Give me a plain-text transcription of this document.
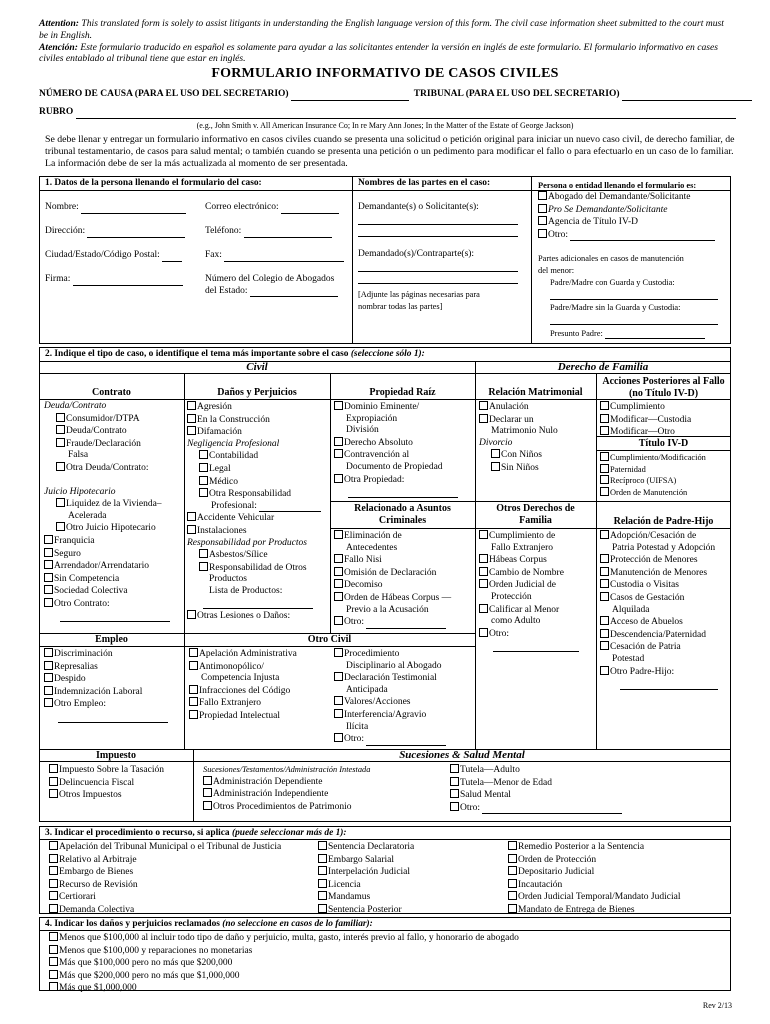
Attention: This translated form is solely to assist litigants in understanding the English language version of this form. The civil case information sheet submitted to the court must be in English.
Atención: Este formulario traducido en español es solamente para ayudar a las solicitantes entender la versión en inglés de este formulario. El formulario informativo en cases civiles entablado al tribunal tiene que estar en inglés.
FORMULARIO INFORMATIVO DE CASOS CIVILES
NÚMERO DE CAUSA (PARA EL USO DEL SECRETARIO)	TRIBUNAL (PARA EL USO DEL SECRETARIO)
RUBRO
(e.g., John Smith v. All American Insurance Co; In re Mary Ann Jones; In the Matter of the Estate of George Jackson)
Se debe llenar y entregar un formulario informativo en casos civiles cuando se presenta una solicitud o petición original para iniciar un nuevo caso civil, de derecho familiar, de tribunal testamentario, de casos para salud mental; o también cuando se presenta una petición o un pedimento para modificar el fallo o para efectuarlo en un caso de lo familiar. La información debe de ser la más actualizada al momento de ser presentada.
1. Datos de la persona llenando el formulario del caso:	Nombres de las partes en el caso:	Persona o entidad llenando el formulario es:
Nombre:	Correo electrónico:
Dirección:	Teléfono:
Ciudad/Estado/Código Postal:	Fax:
Firma:	Número del Colegio de Abogados
del Estado:
Demandante(s) o Solicitante(s):
Demandado(s)/Contraparte(s):
[Adjunte las páginas necesarias para
nombrar todas las partes]
Abogado del Demandante/Solicitante
Pro Se Demandante/Solicitante
Agencia de Título IV-D
Otro:
Partes adicionales en casos de manutención
del menor:
Padre/Madre con Guarda y Custodia:
Padre/Madre sin la Guarda y Custodia:
Presunto Padre:
2. Indique el tipo de caso, o identifique el tema más importante sobre el caso (seleccione sólo 1):
Civil	Derecho de Familia
Contrato
Deuda/Contrato
Consumidor/DTPA
Deuda/Contrato
Fraude/Declaración
Falsa
Otra Deuda/Contrato:
Juicio Hipotecario
Liquidez de la Vivienda–
Acelerada
Otro Juicio Hipotecario
Franquicia
Seguro
Arrendador/Arrendatario
Sin Competencia
Sociedad Colectiva
Otro Contrato:
Daños y Perjuicios
Agresión
En la Construcción
Difamación
Negligencia Profesional
Contabilidad
Legal
Médico
Otra Responsabilidad
Profesional:
Accidente Vehicular
Instalaciones
Responsabilidad por Productos
Asbestos/Sílice
Responsabilidad de Otros
Productos
Lista de Productos:
Otras Lesiones o Daños:
Propiedad Raíz
Dominio Eminente/
Expropiación
División
Derecho Absoluto
Contravención al
Documento de Propiedad
Otra Propiedad:
Relacionado a Asuntos
Criminales
Eliminación de
Antecedentes
Fallo Nisi
Omisión de Declaración
Decomiso
Orden de Hábeas Corpus —
Previo a la Acusación
Otro:
Relación Matrimonial
Anulación
Declarar un
Matrimonio Nulo
Divorcio
Con Niños
Sin Niños
Otros Derechos de
Familia
Cumplimiento de
Fallo Extranjero
Hábeas Corpus
Cambio de Nombre
Orden Judicial de
Protección
Calificar al Menor
como Adulto
Otro:
Acciones Posteriores al Fallo
(no Título IV-D)
Cumplimiento
Modificar—Custodia
Modificar—Otro
Título IV-D
Cumplimiento/Modificación
Paternidad
Recíproco (UIFSA)
Orden de Manutención
Relación de Padre-Hijo
Adopción/Cesación de
Patria Potestad y Adopción
Protección de Menores
Manutención de Menores
Custodia o Visitas
Casos de Gestación
Alquilada
Acceso de Abuelos
Descendencia/Paternidad
Cesación de Patria
Potestad
Otro Padre-Hijo:
Empleo	Otro Civil
Discriminación
Represalias
Despido
Indemnización Laboral
Otro Empleo:
Apelación Administrativa
Antimonopólico/
Competencia Injusta
Infracciones del Código
Fallo Extranjero
Propiedad Intelectual
Procedimiento
Disciplinario al Abogado
Declaración Testimonial
Anticipada
Valores/Acciones
Interferencia/Agravio
Ilícita
Otro:
Impuesto	Sucesiones & Salud Mental
Impuesto Sobre la Tasación
Delincuencia Fiscal
Otros Impuestos
Sucesiones/Testamentos/Administración Intestada
Administración Dependiente
Administración Independiente
Otros Procedimientos de Patrimonio
Tutela—Adulto
Tutela—Menor de Edad
Salud Mental
Otro:
3. Indicar el procedimiento o recurso, si aplica (puede seleccionar más de 1):
Apelación del Tribunal Municipal o el Tribunal de Justicia
Relativo al Arbitraje
Embargo de Bienes
Recurso de Revisión
Certiorari
Demanda Colectiva
Sentencia Declaratoria
Embargo Salarial
Interpelación Judicial
Licencia
Mandamus
Sentencia Posterior
Remedio Posterior a la Sentencia
Orden de Protección
Depositario Judicial
Incautación
Orden Judicial Temporal/Mandato Judicial
Mandato de Entrega de Bienes
4. Indicar los daños y perjuicios reclamados (no seleccione en casos de lo familiar):
Menos que $100,000 al incluir todo tipo de daño y perjuicio, multa, gasto, interés previo al fallo, y honorario de abogado
Menos que $100,000 y reparaciones no monetarias
Más que $100,000 pero no más que $200,000
Más que $200,000 pero no más que $1,000,000
Más que $1,000,000
Rev 2/13
